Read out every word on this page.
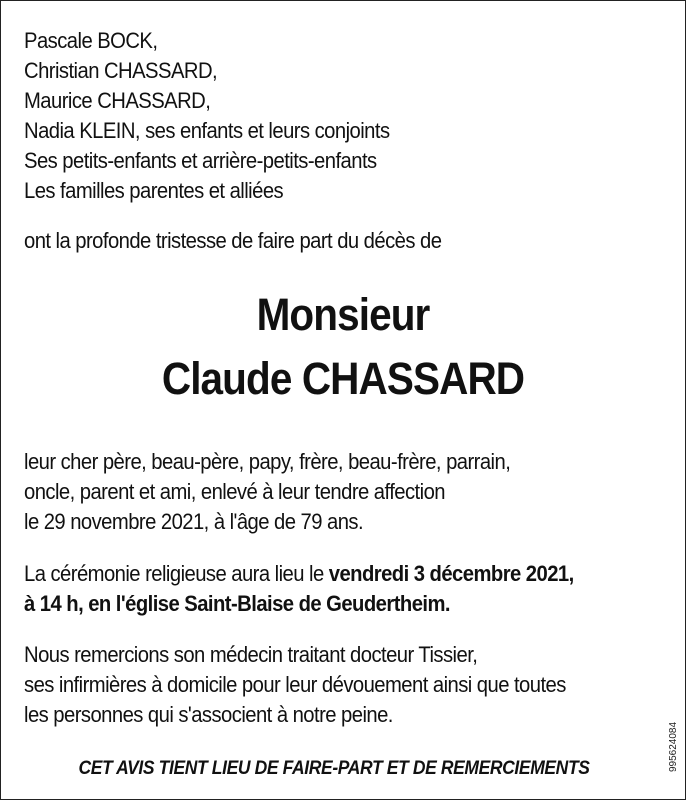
Pascale BOCK,
Christian CHASSARD,
Maurice CHASSARD,
Nadia KLEIN, ses enfants et leurs conjoints
Ses petits-enfants et arrière-petits-enfants
Les familles parentes et alliées
ont la profonde tristesse de faire part du décès de
Monsieur
Claude CHASSARD
leur cher père, beau-père, papy, frère, beau-frère, parrain,
oncle, parent et ami, enlevé à leur tendre affection
le 29 novembre 2021, à l'âge de 79 ans.
La cérémonie religieuse aura lieu le vendredi 3 décembre 2021,
à 14 h, en l'église Saint-Blaise de Geudertheim.
Nous remercions son médecin traitant docteur Tissier,
ses infirmières à domicile pour leur dévouement ainsi que toutes
les personnes qui s'associent à notre peine.
CET AVIS TIENT LIEU DE FAIRE-PART ET DE REMERCIEMENTS	995624084
